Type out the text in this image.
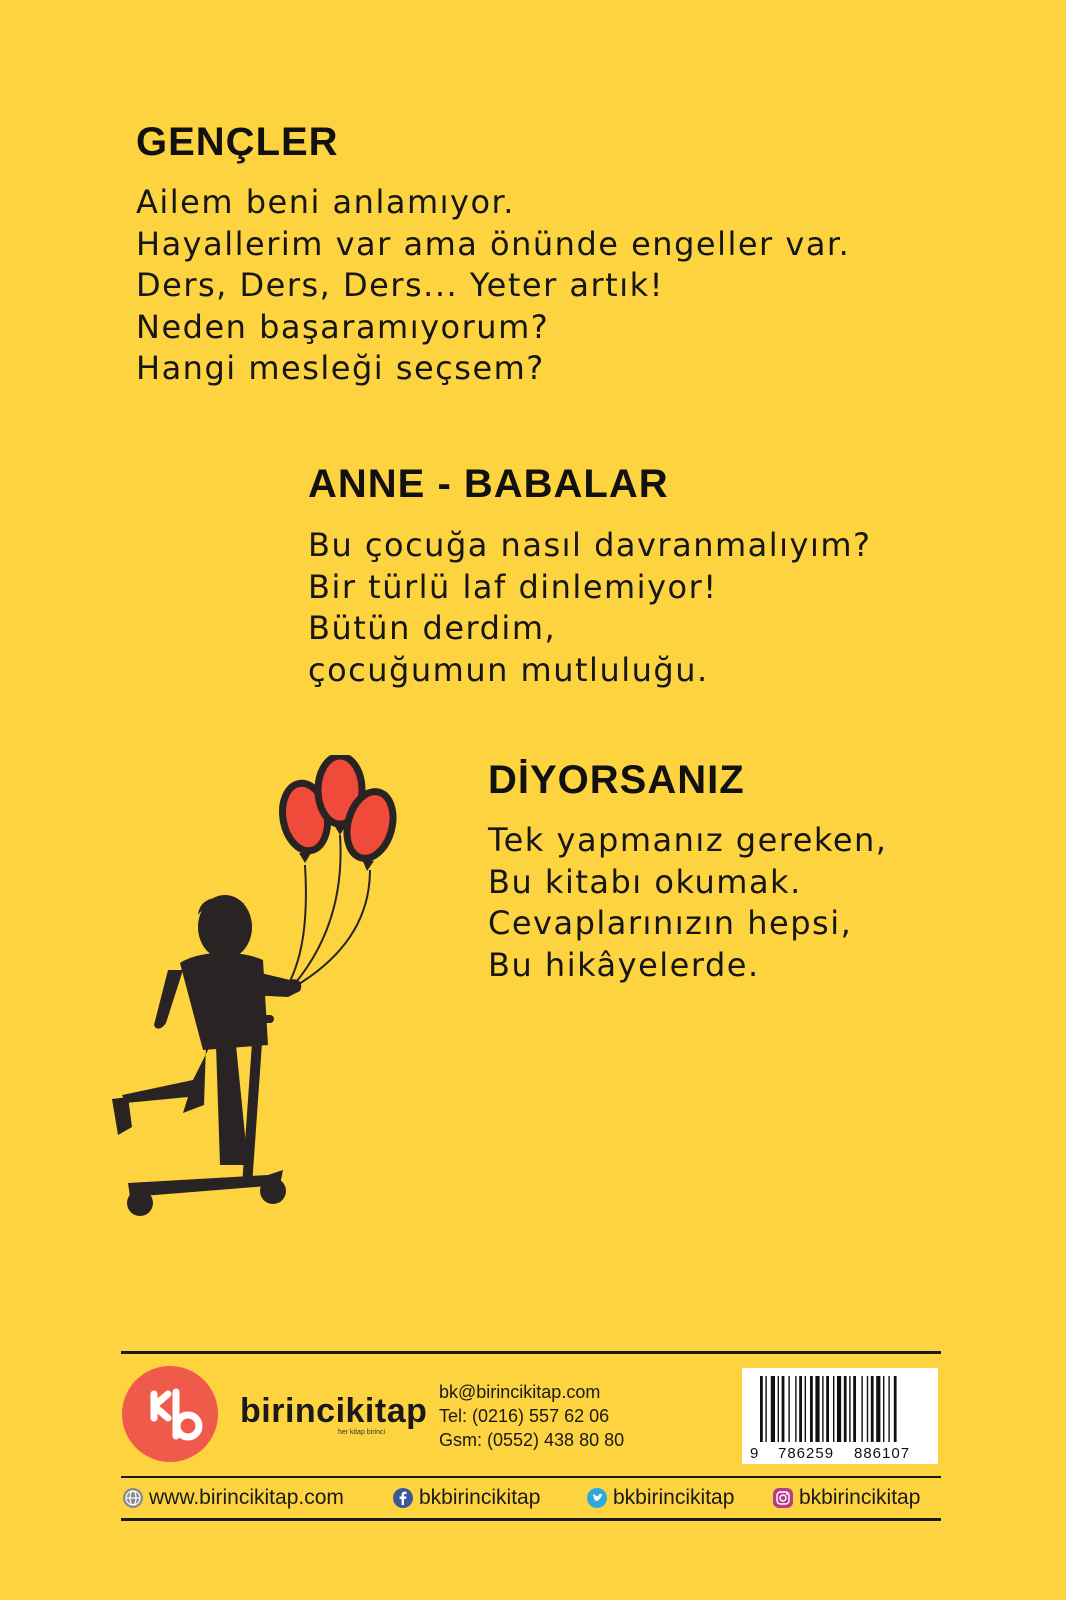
GENÇLER
Ailem beni anlamıyor.
Hayallerim var ama önünde engeller var.
Ders, Ders, Ders... Yeter artık!
Neden başaramıyorum?
Hangi mesleği seçsem?
ANNE - BABALAR
Bu çocuğa nasıl davranmalıyım?
Bir türlü laf dinlemiyor!
Bütün derdim,
çocuğumun mutluluğu.
DİYORSANIZ
Tek yapmanız gereken,
Bu kitabı okumak.
Cevaplarınızın hepsi,
Bu hikâyelerde.
birincikitap
her kitap birinci
bk@birincikitap.com
Tel: (0216) 557 62 06
Gsm: (0552) 438 80 80
9 786259 886107
www.birincikitap.com	bkbirincikitap	bkbirincikitap	bkbirincikitap
